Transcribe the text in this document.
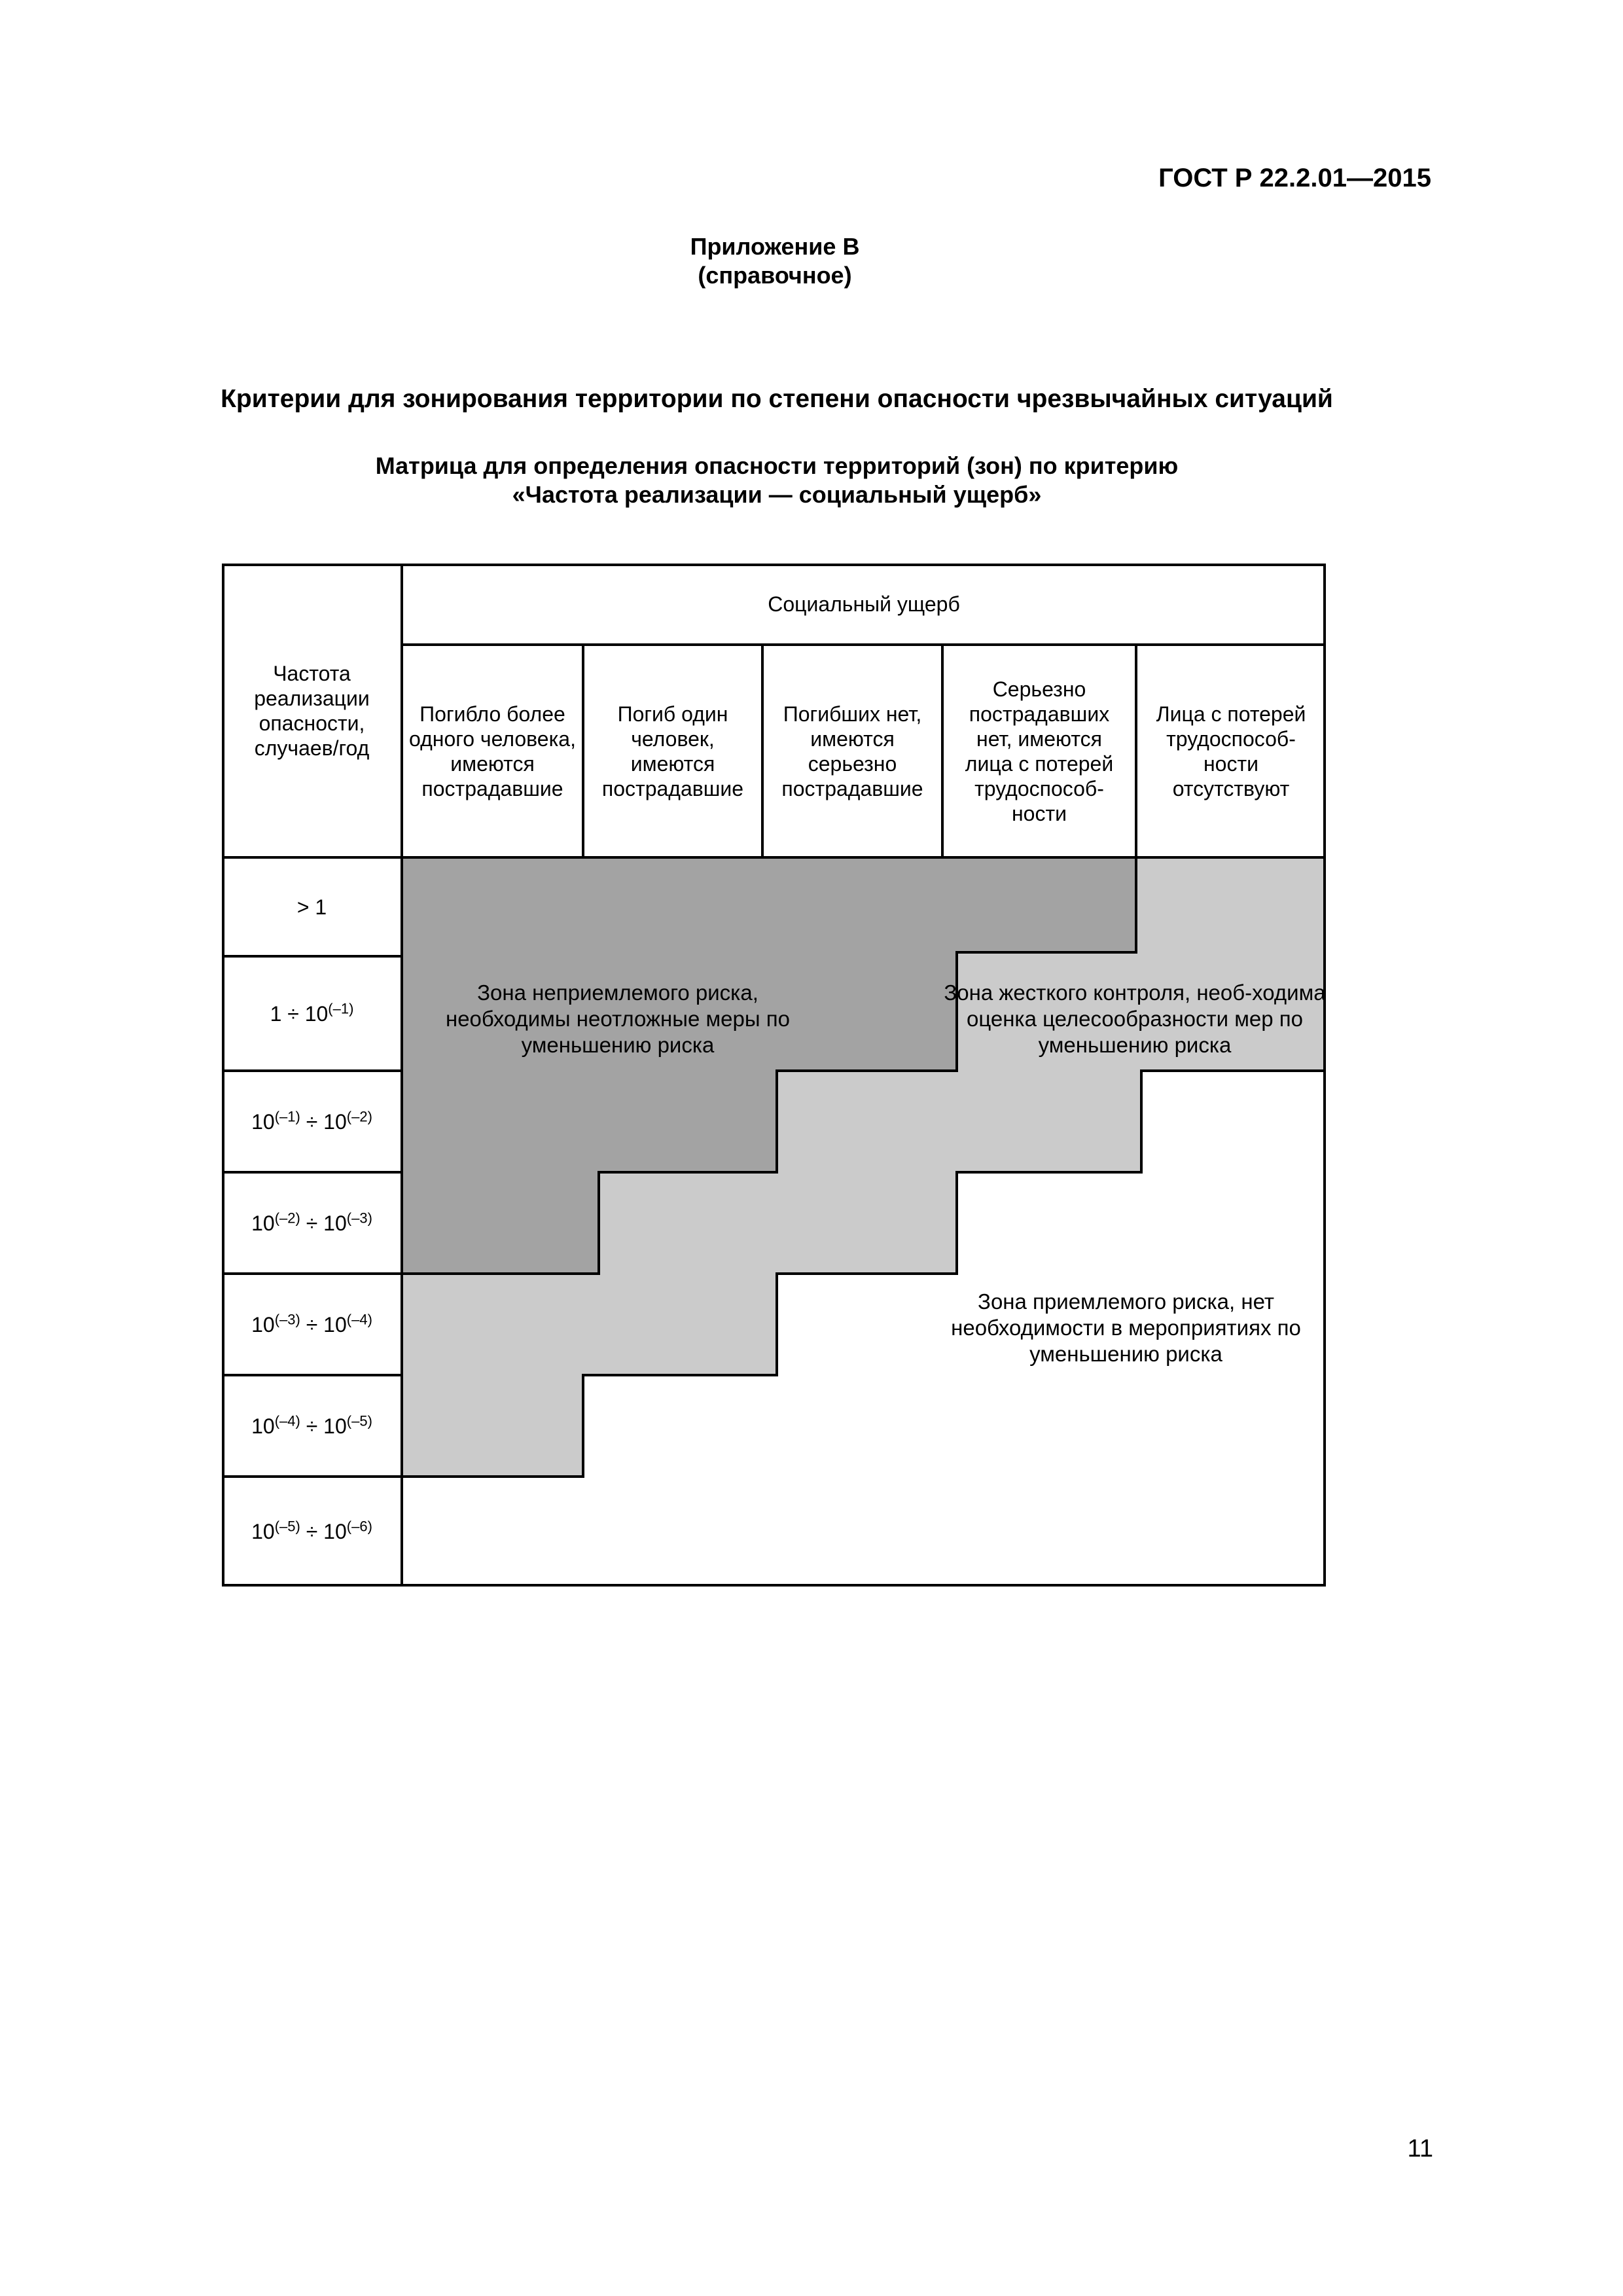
ГОСТ Р 22.2.01—2015
Приложение В
(справочное)
Критерии для зонирования территории по степени опасности чрезвычайных ситуаций
Матрица для определения опасности территорий (зон) по критерию
«Частота реализации — социальный ущерб»
Частота реализации опасности, случаев/год
Социальный ущерб
Погибло более одного человека, имеются пострадавшие
Погиб один человек, имеются пострадавшие
Погибших нет, имеются серьезно пострадавшие
Серьезно пострадавших нет, имеются лица с потерей трудоспособ-ности
Лица с потерей трудоспособ-ности отсутствуют
> 1
$1 \div 10^{(-1)}$
$10^{(-1)} \div 10^{(-2)}$
$10^{(-2)} \div 10^{(-3)}$
$10^{(-3)} \div 10^{(-4)}$
$10^{(-4)} \div 10^{(-5)}$
$10^{(-5)} \div 10^{(-6)}$
Зона неприемлемого риска, необходимы неотложные меры по уменьшению риска
Зона жесткого контроля, необ-ходима оценка целесообразности мер по уменьшению риска
Зона приемлемого риска, нет необходимости в мероприятиях по уменьшению риска
11
